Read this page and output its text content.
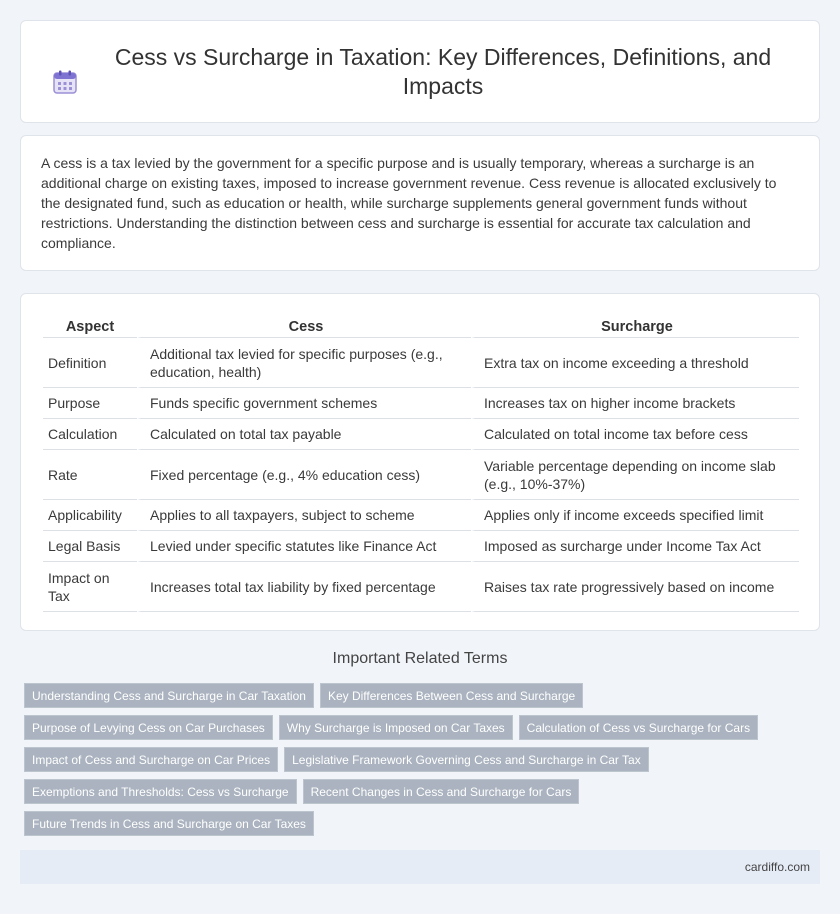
Cess vs Surcharge in Taxation: Key Differences, Definitions, and Impacts

A cess is a tax levied by the government for a specific purpose and is usually temporary, whereas a surcharge is an additional charge on existing taxes, imposed to increase government revenue. Cess revenue is allocated exclusively to the designated fund, such as education or health, while surcharge supplements general government funds without restrictions. Understanding the distinction between cess and surcharge is essential for accurate tax calculation and compliance.

Aspect	Cess	Surcharge
Definition	Additional tax levied for specific purposes (e.g., education, health)	Extra tax on income exceeding a threshold
Purpose	Funds specific government schemes	Increases tax on higher income brackets
Calculation	Calculated on total tax payable	Calculated on total income tax before cess
Rate	Fixed percentage (e.g., 4% education cess)	Variable percentage depending on income slab (e.g., 10%-37%)
Applicability	Applies to all taxpayers, subject to scheme	Applies only if income exceeds specified limit
Legal Basis	Levied under specific statutes like Finance Act	Imposed as surcharge under Income Tax Act
Impact on Tax	Increases total tax liability by fixed percentage	Raises tax rate progressively based on income
Important Related Terms
Understanding Cess and Surcharge in Car Taxation	Key Differences Between Cess and Surcharge
Purpose of Levying Cess on Car Purchases	Why Surcharge is Imposed on Car Taxes	Calculation of Cess vs Surcharge for Cars
Impact of Cess and Surcharge on Car Prices	Legislative Framework Governing Cess and Surcharge in Car Tax
Exemptions and Thresholds: Cess vs Surcharge	Recent Changes in Cess and Surcharge for Cars
Future Trends in Cess and Surcharge on Car Taxes
cardiffo.com
